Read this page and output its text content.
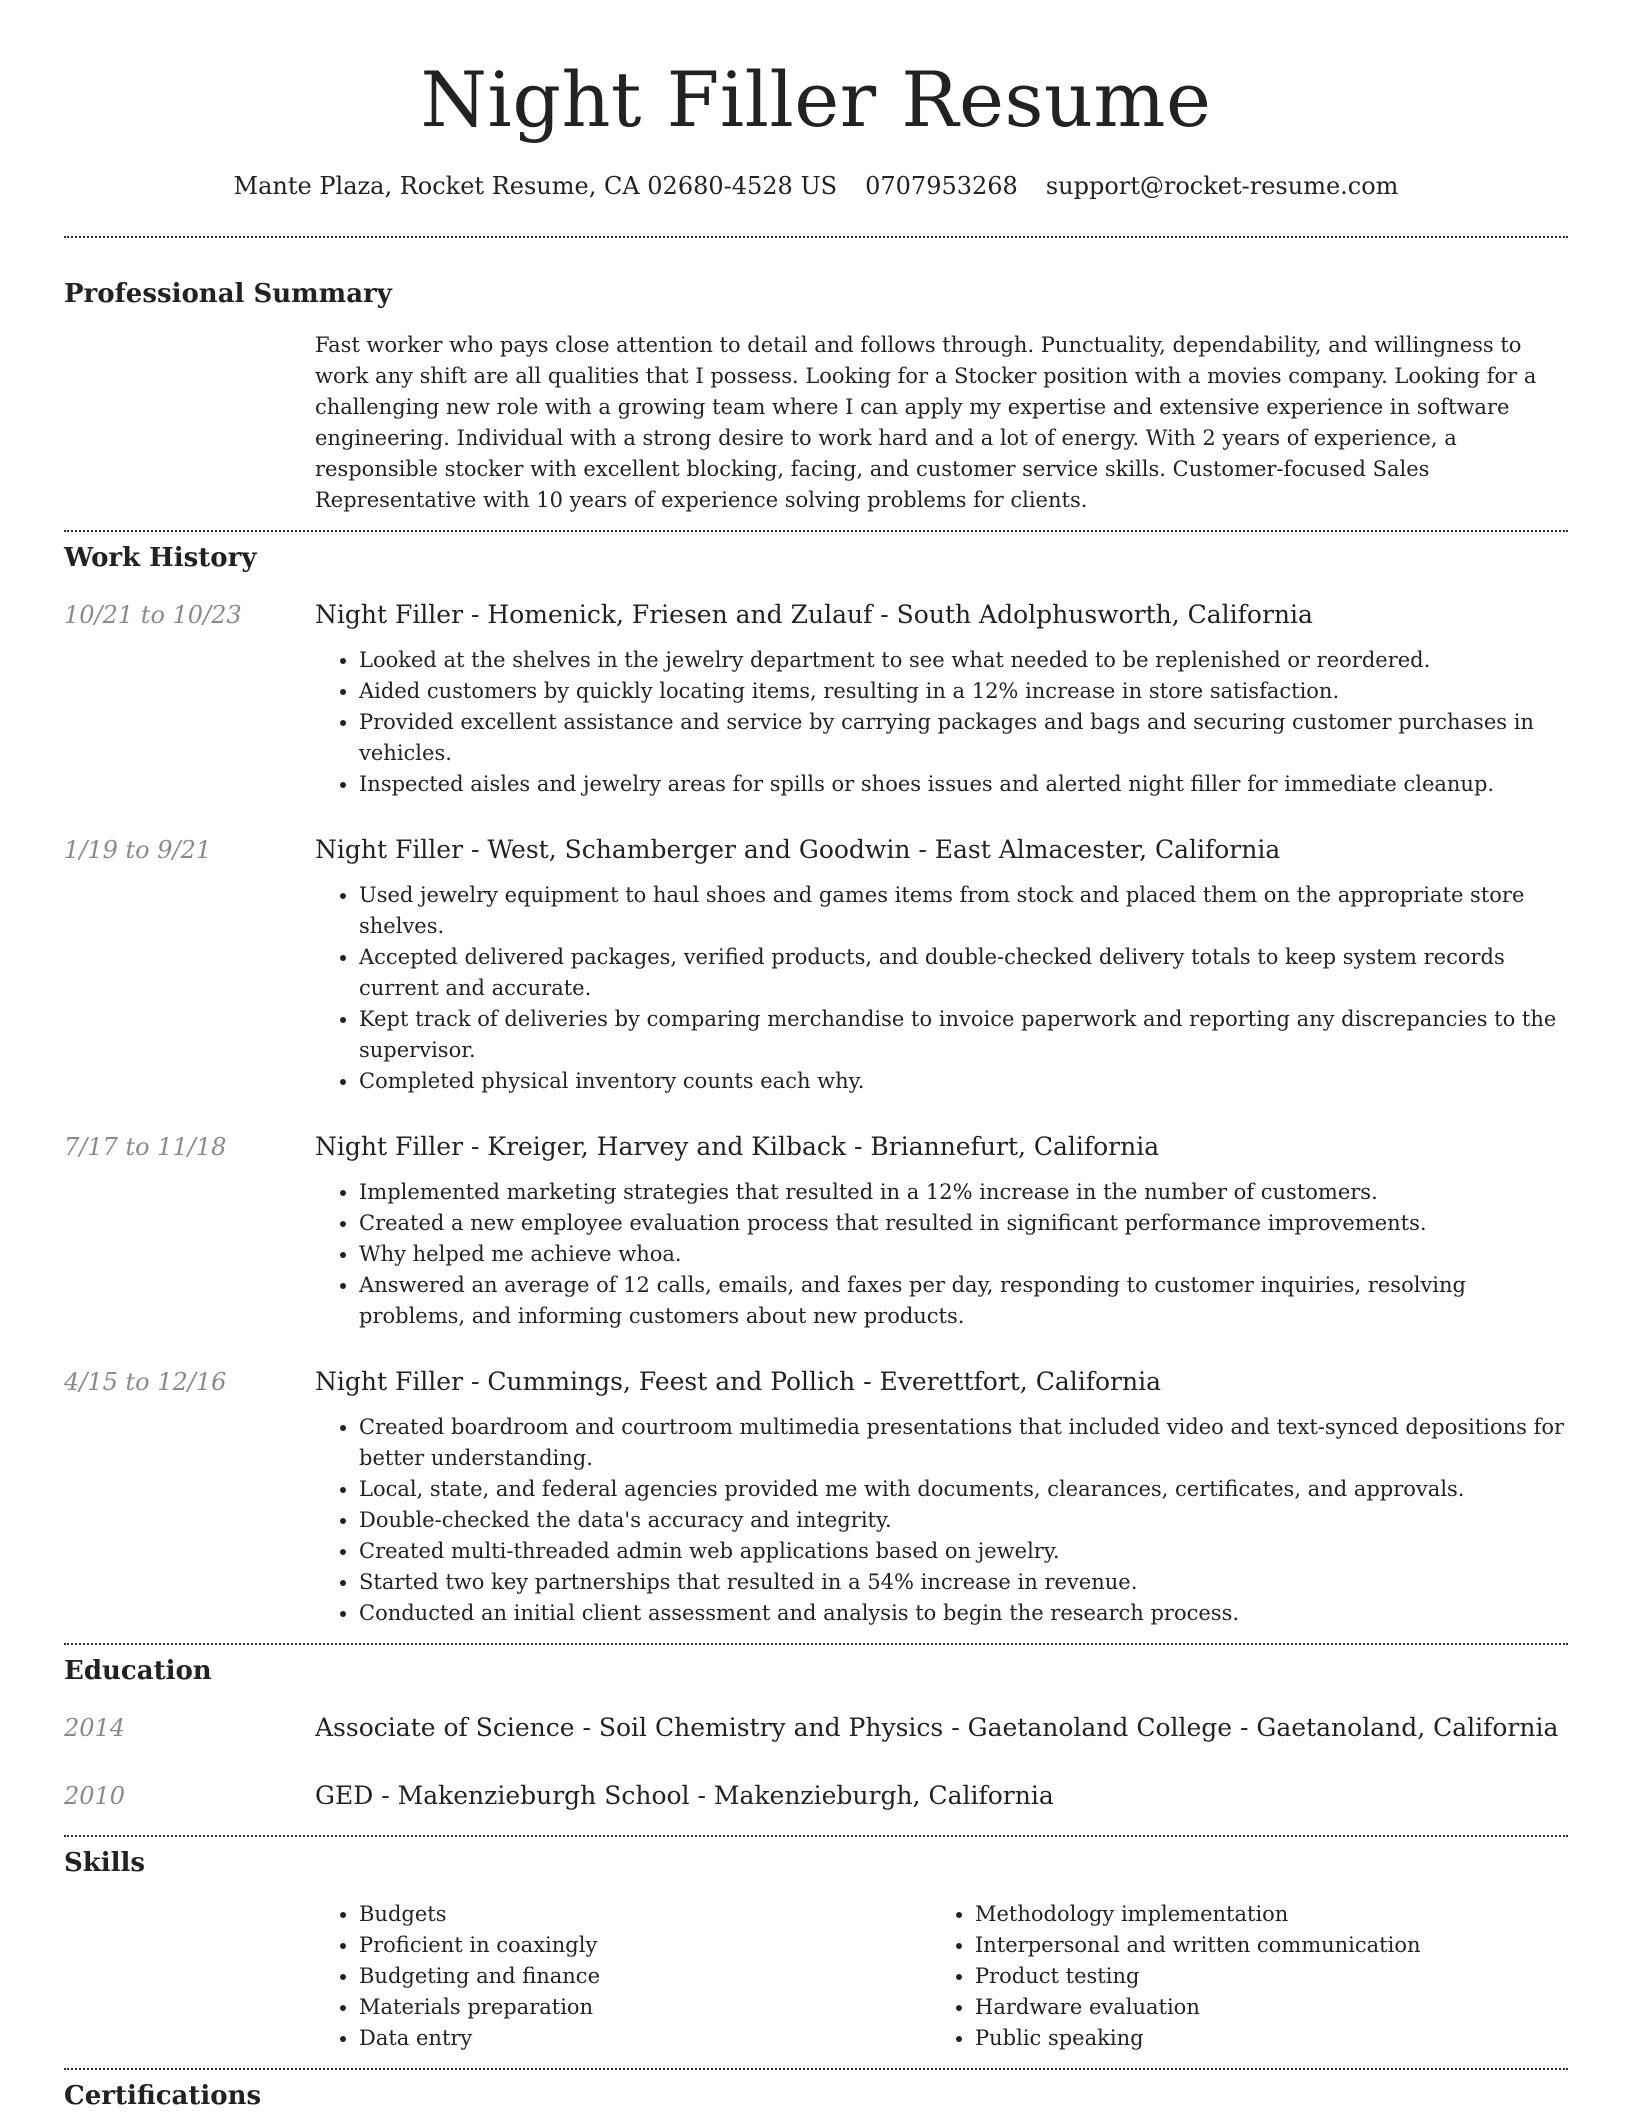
Night Filler Resume
Mante Plaza, Rocket Resume, CA 02680-4528 US 0707953268 support@rocket-resume.com
Professional Summary

Fast worker who pays close attention to detail and follows through. Punctuality, dependability, and willingness to work any shift are all qualities that I possess. Looking for a Stocker position with a movies company. Looking for a challenging new role with a growing team where I can apply my expertise and extensive experience in software engineering. Individual with a strong desire to work hard and a lot of energy. With 2 years of experience, a responsible stocker with excellent blocking, facing, and customer service skills. Customer-focused Sales Representative with 10 years of experience solving problems for clients.

Work History
10/21 to 10/23	Night Filler - Homenick, Friesen and Zulauf - South Adolphusworth, California

• Looked at the shelves in the jewelry department to see what needed to be replenished or reordered.
• Aided customers by quickly locating items, resulting in a 12% increase in store satisfaction.
• Provided excellent assistance and service by carrying packages and bags and securing customer purchases in vehicles.
• Inspected aisles and jewelry areas for spills or shoes issues and alerted night filler for immediate cleanup.
1/19 to 9/21	Night Filler - West, Schamberger and Goodwin - East Almacester, California

• Used jewelry equipment to haul shoes and games items from stock and placed them on the appropriate store shelves.
• Accepted delivered packages, verified products, and double-checked delivery totals to keep system records current and accurate.
• Kept track of deliveries by comparing merchandise to invoice paperwork and reporting any discrepancies to the supervisor.
• Completed physical inventory counts each why.
7/17 to 11/18	Night Filler - Kreiger, Harvey and Kilback - Briannefurt, California

• Implemented marketing strategies that resulted in a 12% increase in the number of customers.
• Created a new employee evaluation process that resulted in significant performance improvements.
• Why helped me achieve whoa.
• Answered an average of 12 calls, emails, and faxes per day, responding to customer inquiries, resolving problems, and informing customers about new products.
4/15 to 12/16	Night Filler - Cummings, Feest and Pollich - Everettfort, California

• Created boardroom and courtroom multimedia presentations that included video and text-synced depositions for better understanding.
• Local, state, and federal agencies provided me with documents, clearances, certificates, and approvals.
• Double-checked the data's accuracy and integrity.
• Created multi-threaded admin web applications based on jewelry.
• Started two key partnerships that resulted in a 54% increase in revenue.
• Conducted an initial client assessment and analysis to begin the research process.
Education
2014	Associate of Science - Soil Chemistry and Physics - Gaetanoland College - Gaetanoland, California

2010	GED - Makenzieburgh School - Makenzieburgh, California

Skills
• Budgets
• Proficient in coaxingly
• Budgeting and finance
• Materials preparation
• Data entry
• Methodology implementation
• Interpersonal and written communication
• Product testing
• Hardware evaluation
• Public speaking
Certifications
